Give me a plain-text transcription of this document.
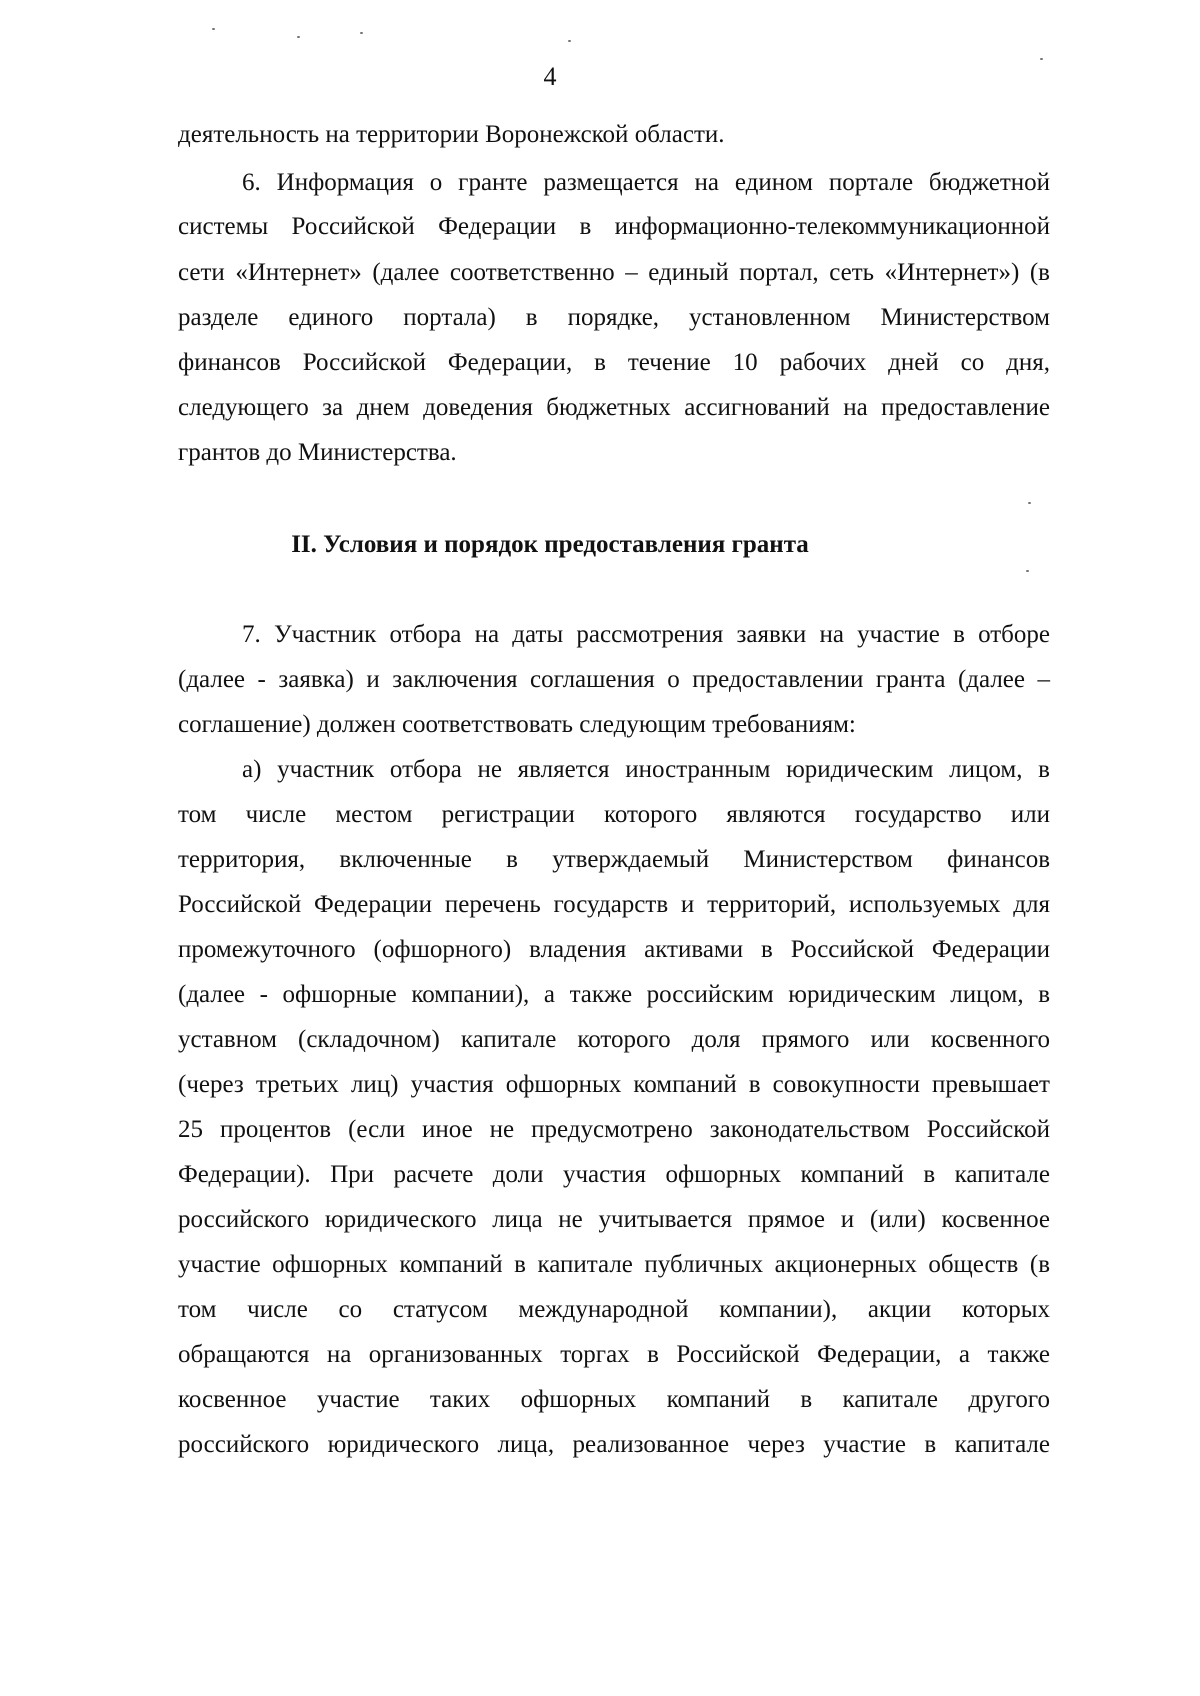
4
деятельность на территории Воронежской области.
6. Информация о гранте размещается на едином портале бюджетной
системы Российской Федерации в информационно-телекоммуникационной
сети «Интернет» (далее соответственно – единый портал, сеть «Интернет») (в
разделе единого портала) в порядке, установленном Министерством
финансов Российской Федерации, в течение 10 рабочих дней со дня,
следующего за днем доведения бюджетных ассигнований на предоставление
грантов до Министерства.
II. Условия и порядок предоставления гранта
7. Участник отбора на даты рассмотрения заявки на участие в отборе
(далее - заявка) и заключения соглашения о предоставлении гранта (далее –
соглашение) должен соответствовать следующим требованиям:
а) участник отбора не является иностранным юридическим лицом, в
том числе местом регистрации которого являются государство или
территория, включенные в утверждаемый Министерством финансов
Российской Федерации перечень государств и территорий, используемых для
промежуточного (офшорного) владения активами в Российской Федерации
(далее - офшорные компании), а также российским юридическим лицом, в
уставном (складочном) капитале которого доля прямого или косвенного
(через третьих лиц) участия офшорных компаний в совокупности превышает
25 процентов (если иное не предусмотрено законодательством Российской
Федерации). При расчете доли участия офшорных компаний в капитале
российского юридического лица не учитывается прямое и (или) косвенное
участие офшорных компаний в капитале публичных акционерных обществ (в
том числе со статусом международной компании), акции которых
обращаются на организованных торгах в Российской Федерации, а также
косвенное участие таких офшорных компаний в капитале другого
российского юридического лица, реализованное через участие в капитале
